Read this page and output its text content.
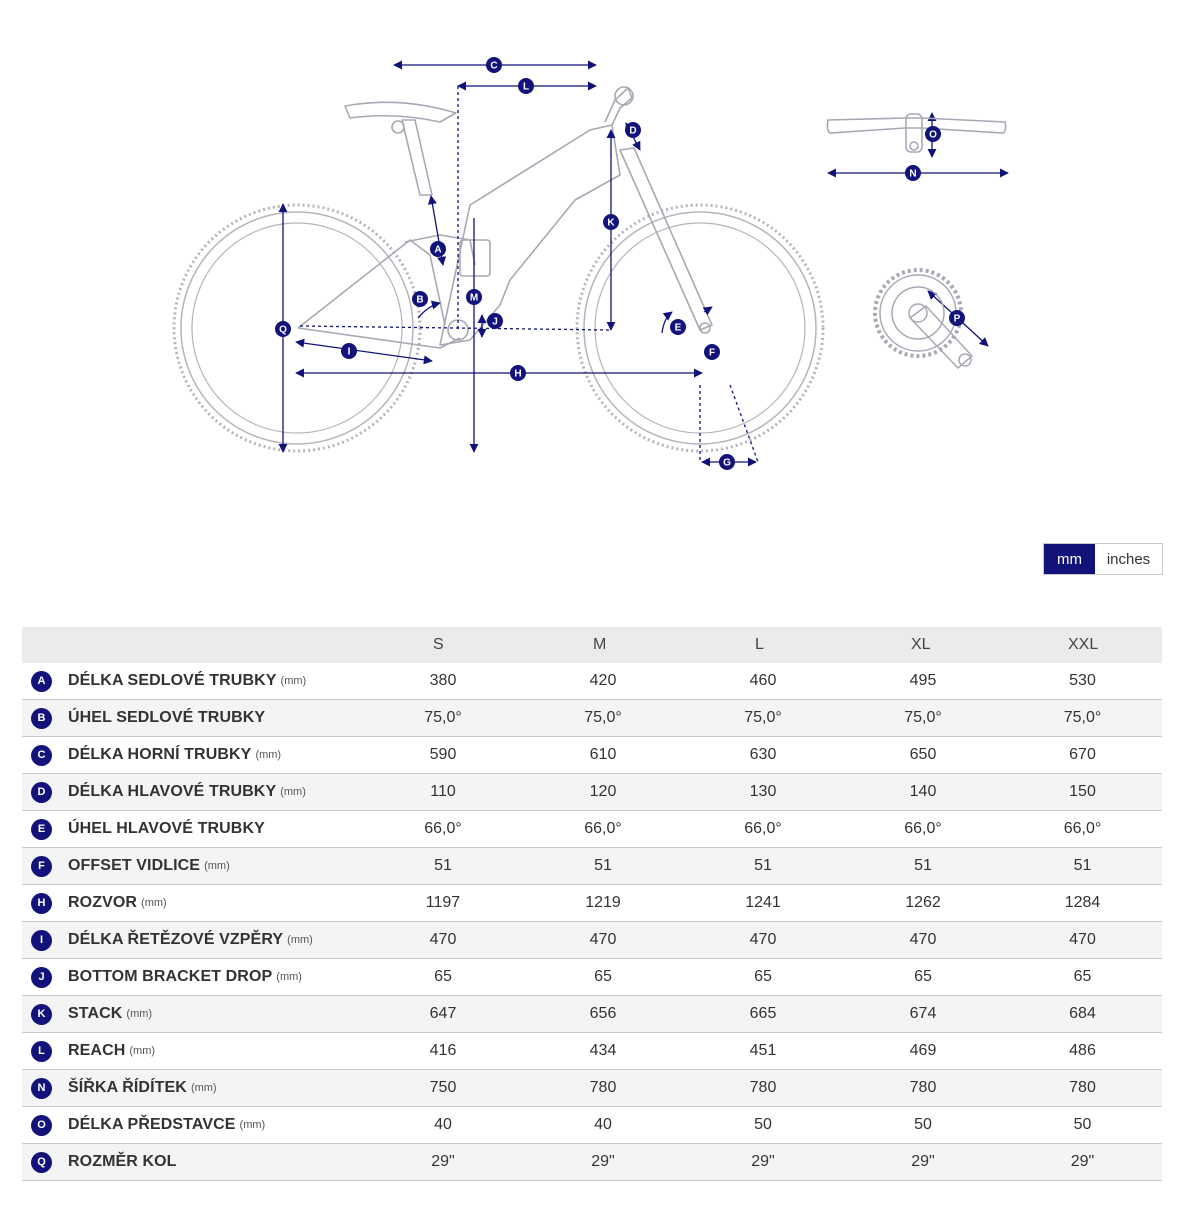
C
L
D
K
A
B	M
J
Q
I
H
E
F
G
O
N
P
mm	inches
	S	M	L	XL	XXL

A DÉLKA SEDLOVÉ TRUBKY (mm)	380	420	460	495	530

B ÚHEL SEDLOVÉ TRUBKY	75,0°	75,0°	75,0°	75,0°	75,0°

C DÉLKA HORNÍ TRUBKY (mm)	590	610	630	650	670

D DÉLKA HLAVOVÉ TRUBKY (mm)	110	120	130	140	150

E ÚHEL HLAVOVÉ TRUBKY	66,0°	66,0°	66,0°	66,0°	66,0°

F OFFSET VIDLICE (mm)	51	51	51	51	51

H ROZVOR (mm)	1197	1219	1241	1262	1284

I DÉLKA ŘETĚZOVÉ VZPĚRY (mm)	470	470	470	470	470

J BOTTOM BRACKET DROP (mm)	65	65	65	65	65

K STACK (mm)	647	656	665	674	684

L REACH (mm)	416	434	451	469	486

N ŠÍŘKA ŘÍDÍTEK (mm)	750	780	780	780	780

O DÉLKA PŘEDSTAVCE (mm)	40	40	50	50	50

Q ROZMĚR KOL	29"	29"	29"	29"	29"
